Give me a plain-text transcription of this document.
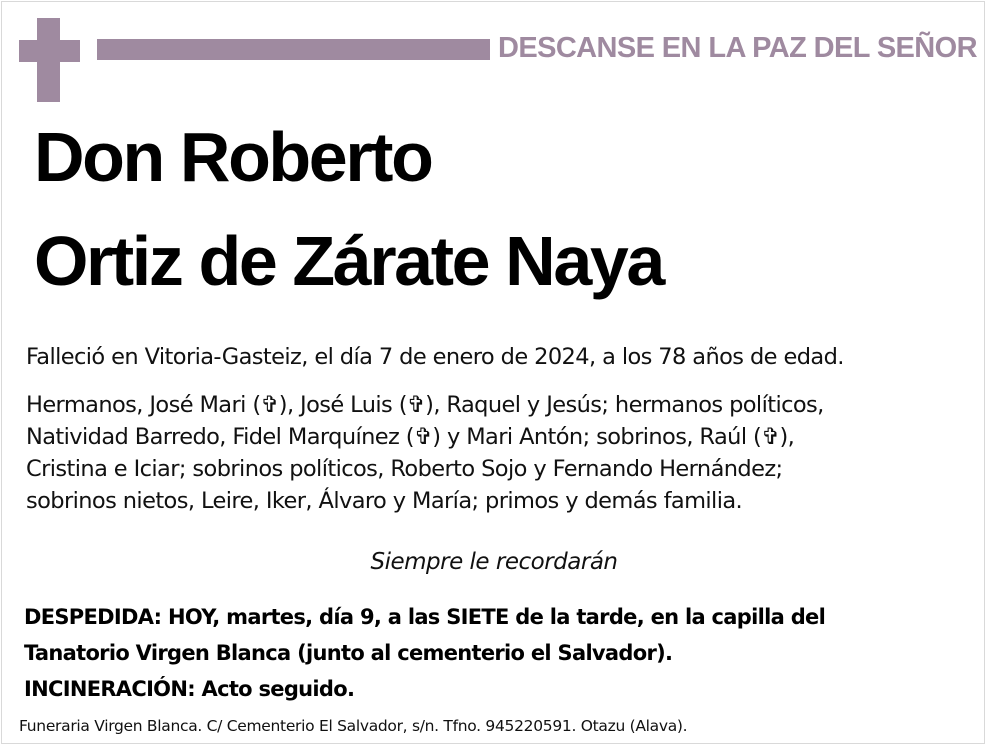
DESCANSE EN LA PAZ DEL SEÑOR
Don Roberto
Ortiz de Zárate Naya
Falleció en Vitoria-Gasteiz, el día 7 de enero de 2024, a los 78 años de edad.
Hermanos, José Mari (✞), José Luis (✞), Raquel y Jesús; hermanos políticos,
Natividad Barredo, Fidel Marquínez (✞) y Mari Antón; sobrinos, Raúl (✞),
Cristina e Iciar; sobrinos políticos, Roberto Sojo y Fernando Hernández;
sobrinos nietos, Leire, Iker, Álvaro y María; primos y demás familia.
Siempre le recordarán
DESPEDIDA: HOY, martes, día 9, a las SIETE de la tarde, en la capilla del
Tanatorio Virgen Blanca (junto al cementerio el Salvador).
INCINERACIÓN: Acto seguido.
Funeraria Virgen Blanca. C/ Cementerio El Salvador, s/n. Tfno. 945220591. Otazu (Alava).
